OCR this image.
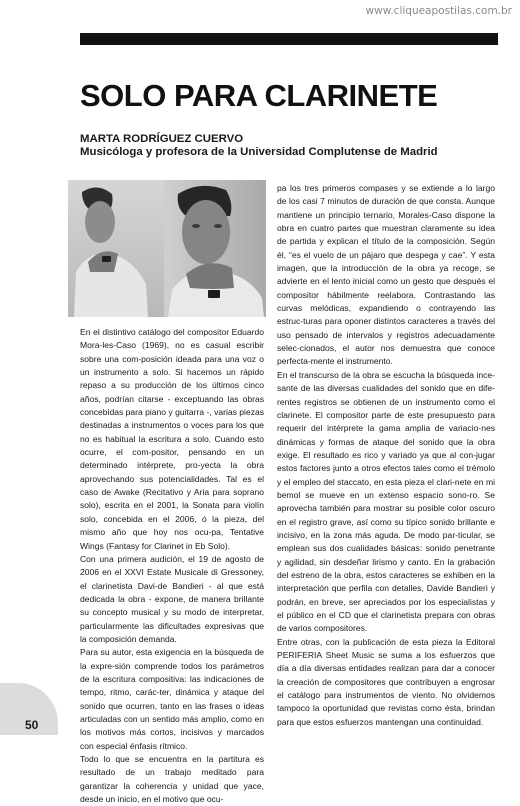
www.cliqueapostilas.com.br
SOLO PARA CLARINETE
MARTA RODRÍGUEZ CUERVO
Musicóloga y profesora de la Universidad Complutense de Madrid

En el distintivo catálogo del compositor Eduardo Mora-les-Caso (1969), no es casual escribir sobre una com-posición ideada para una voz o un instrumento a solo. Si hacemos un rápido repaso a su producción de los últimos cinco años, podrían citarse - exceptuando las obras concebidas para piano y guitarra -, varias piezas destinadas a instrumentos o voces para los que no es habitual la escritura a solo. Cuando esto ocurre, el com-positor, pensando en un determinado intérprete, pro-yecta la obra aprovechando sus potencialidades. Tal es el caso de Awake (Recitativo y Aria para soprano solo), escrita en el 2001, la Sonata para violín solo, concebida en el 2006, ó la pieza, del mismo año que hoy nos ocu-pa, Tentative Wings (Fantasy for Clarinet in Eb Solo).

Con una primera audición, el 19 de agosto de 2006 en el XXVI Estate Musicale di Gressoney, el clarinetista Davi-de Bandieri - al que está dedicada la obra - expone, de manera brillante su concepto musical y su modo de interpretar, particularmente las dificultades expresivas que la composición demanda.

Para su autor, esta exigencia en la búsqueda de la expre-sión comprende todos los parámetros de la escritura compositiva: las indicaciones de tempo, ritmo, carác-ter, dinámica y ataque del sonido que ocurren, tanto en las frases o ideas articuladas con un sentido más amplio, como en los motivos más cortos, incisivos y marcados con especial énfasis rítmico.

Todo lo que se encuentra en la partitura es resultado de un trabajo meditado para garantizar la coherencia y unidad que yace, desde un inicio, en el motivo que ocu-

pa los tres primeros compases y se extiende a lo largo de los casi 7 minutos de duración de que consta. Aunque mantiene un principio ternario, Morales-Caso dispone la obra en cuatro partes que muestran claramente su idea de partida y explican el título de la composición. Según él, “es el vuelo de un pájaro que despega y cae”. Y esta imagen, que la introducción de la obra ya recoge, se advierte en el lento inicial como un gesto que después el compositor hábilmente reelabora. Contrastando las curvas melódicas, expandiendo o contrayendo las estruc-turas para oponer distintos caracteres a través del uso pensado de intervalos y registros adecuadamente selec-cionados, el autor nos demuestra que conoce perfecta-mente el instrumento.

En el transcurso de la obra se escucha la búsqueda ince-sante de las diversas cualidades del sonido que en dife-rentes registros se obtienen de un instrumento como el clarinete. El compositor parte de este presupuesto para requerir del intérprete la gama amplia de variacio-nes dinámicas y formas de ataque del sonido que la obra exige. El resultado es rico y variado ya que al con-jugar estos factores junto a otros efectos tales como el trémolo y el empleo del staccato, en esta pieza el clari-nete en mi bemol se mueve en un extenso espacio sono-ro. Se aprovecha también para mostrar su posible color oscuro en el registro grave, así como su típico sonido brillante e incisivo, en la zona más aguda. De modo par-ticular, se emplean sus dos cualidades básicas: sonido penetrante y agilidad, sin desdeñar lirismo y canto. En la grabación del estreno de la obra, estos caracteres se exhiben en la interpretación que perfila con detalles, Davide Bandieri y podrán, en breve, ser apreciados por los especialistas y el público en el CD que el clarinetista prepara con obras de varios compositores.

Entre otras, con la publicación de esta pieza la Editoral PERIFERIA Sheet Music se suma a los esfuerzos que día a día diversas entidades realizan para dar a conocer la creación de compositores que contribuyen a engrosar el catálogo para instrumentos de viento. No olvidemos tampoco la oportunidad que revistas como ésta, brindan para que estos esfuerzos mantengan una continuidad.

50
